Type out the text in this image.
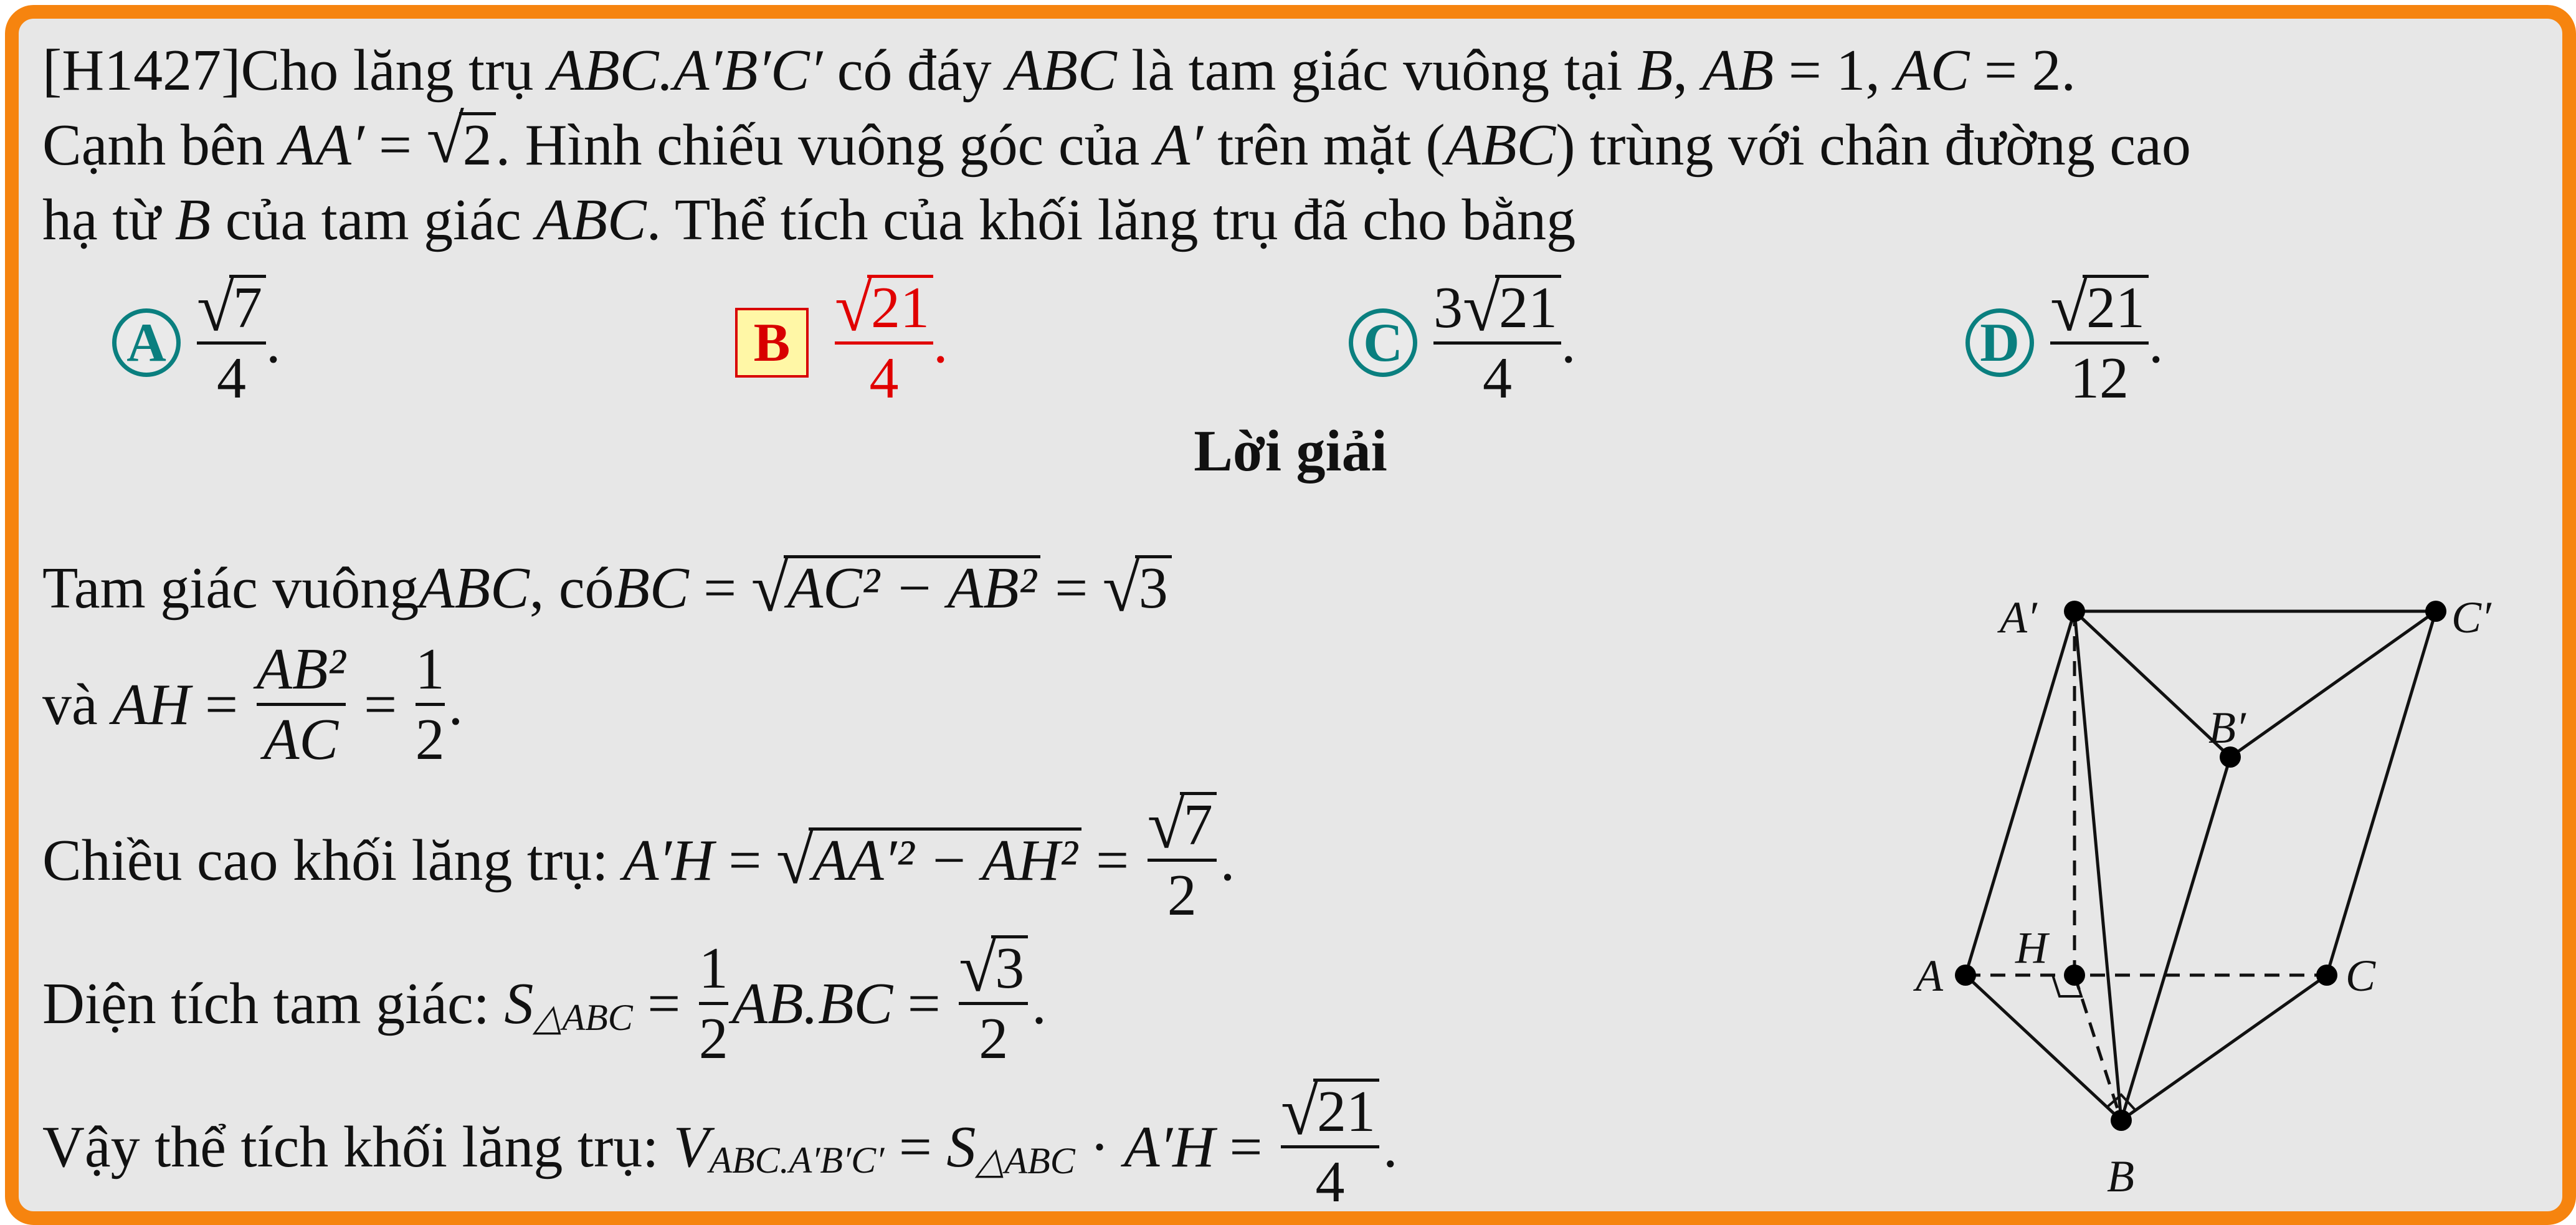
[H1427]Cho lăng trụ ABC.A′B′C′ có đáy ABC là tam giác vuông tại B, AB = 1, AC = 2.
Cạnh bên AA′ = √
2. Hình chiếu vuông góc của A′ trên mặt (ABC) trùng với chân đường cao
hạ từ B của tam giác ABC. Thể tích của khối lăng trụ đã cho bằng
A √
7
4 .	B √
21
4 .	C 3 √
21
4 .	D √
21
12 .
Lời giải
Tam giác vuông ABC , có BC = √
AC² − AB² = √
3
và AH = $\frac{\text{AB²}}{AC} = \frac{1}{2}$ .
Chiều cao khối lăng trụ: A′H = √
AA′² − AH² = √
7
2 .
Diện tích tam giác: $S_{\triangle ABC} = \frac{1}{2} AB.BC$ = √
3
2 .
Vậy thể tích khối lăng trụ: $V_{ABC.A'B'C'} = S_{\triangle ABC} \cdot A'H$ = √
21
4 .
A′	C′
B′
A
H
C
B
